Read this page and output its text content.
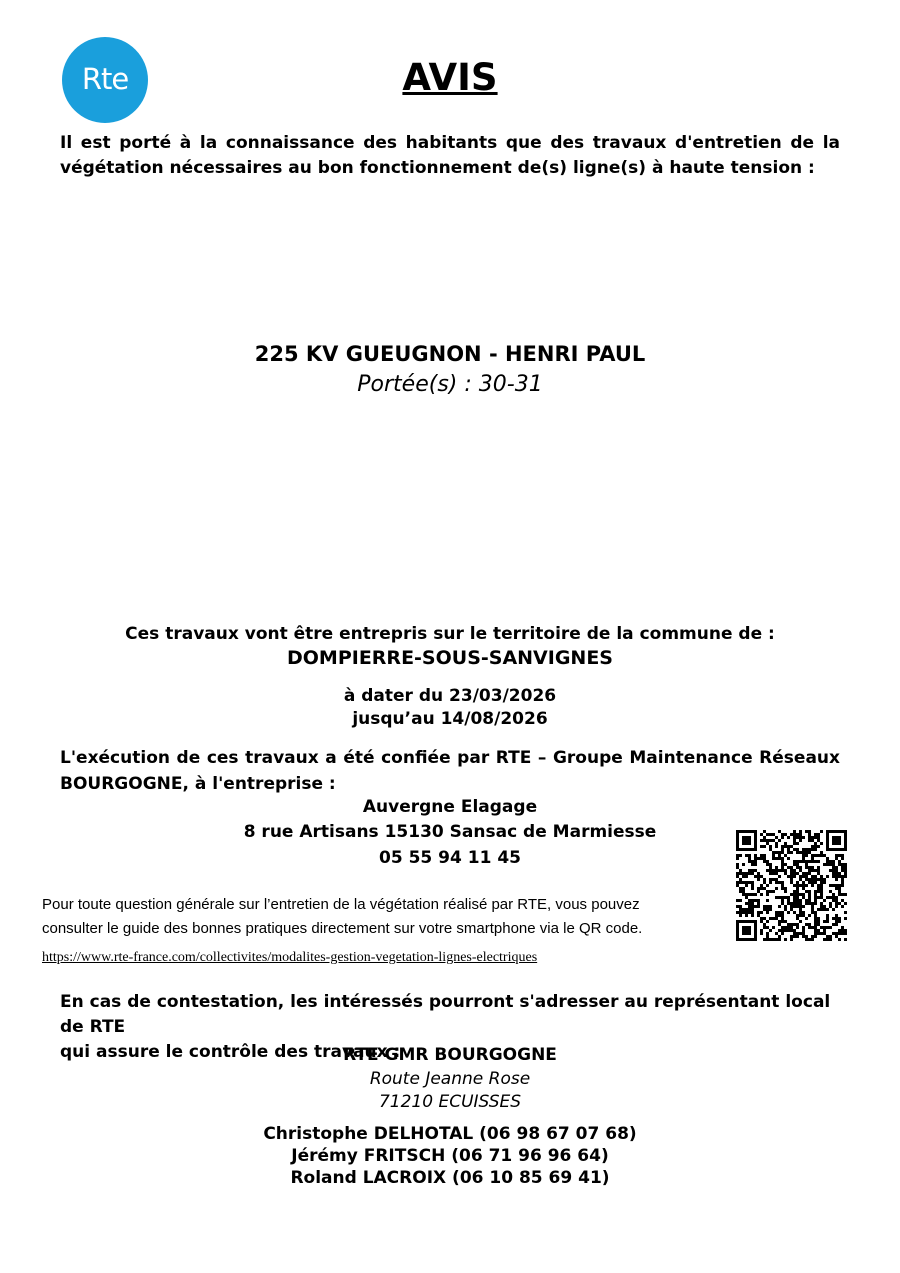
Rte	AVIS
Il est porté à la connaissance des habitants que des travaux d'entretien de la
végétation nécessaires au bon fonctionnement de(s) ligne(s) à haute tension :
225 KV GUEUGNON - HENRI PAUL
Portée(s) : 30-31
Ces travaux vont être entrepris sur le territoire de la commune de :
DOMPIERRE-SOUS-SANVIGNES
à dater du 23/03/2026
jusqu’au 14/08/2026
L'exécution de ces travaux a été confiée par RTE – Groupe Maintenance Réseaux
BOURGOGNE, à l'entreprise :
Auvergne Elagage
8 rue Artisans 15130 Sansac de Marmiesse
05 55 94 11 45
Pour toute question générale sur l’entretien de la végétation réalisé par RTE, vous pouvez
consulter le guide des bonnes pratiques directement sur votre smartphone via le QR code.
https://www.rte-france.com/collectivites/modalites-gestion-vegetation-lignes-electriques
En cas de contestation, les intéressés pourront s'adresser au représentant local de RTE
qui assure le contrôle des travaux :
RTE GMR BOURGOGNE
Route Jeanne Rose
71210 ECUISSES
Christophe DELHOTAL (06 98 67 07 68)
Jérémy FRITSCH (06 71 96 96 64)
Roland LACROIX (06 10 85 69 41)
